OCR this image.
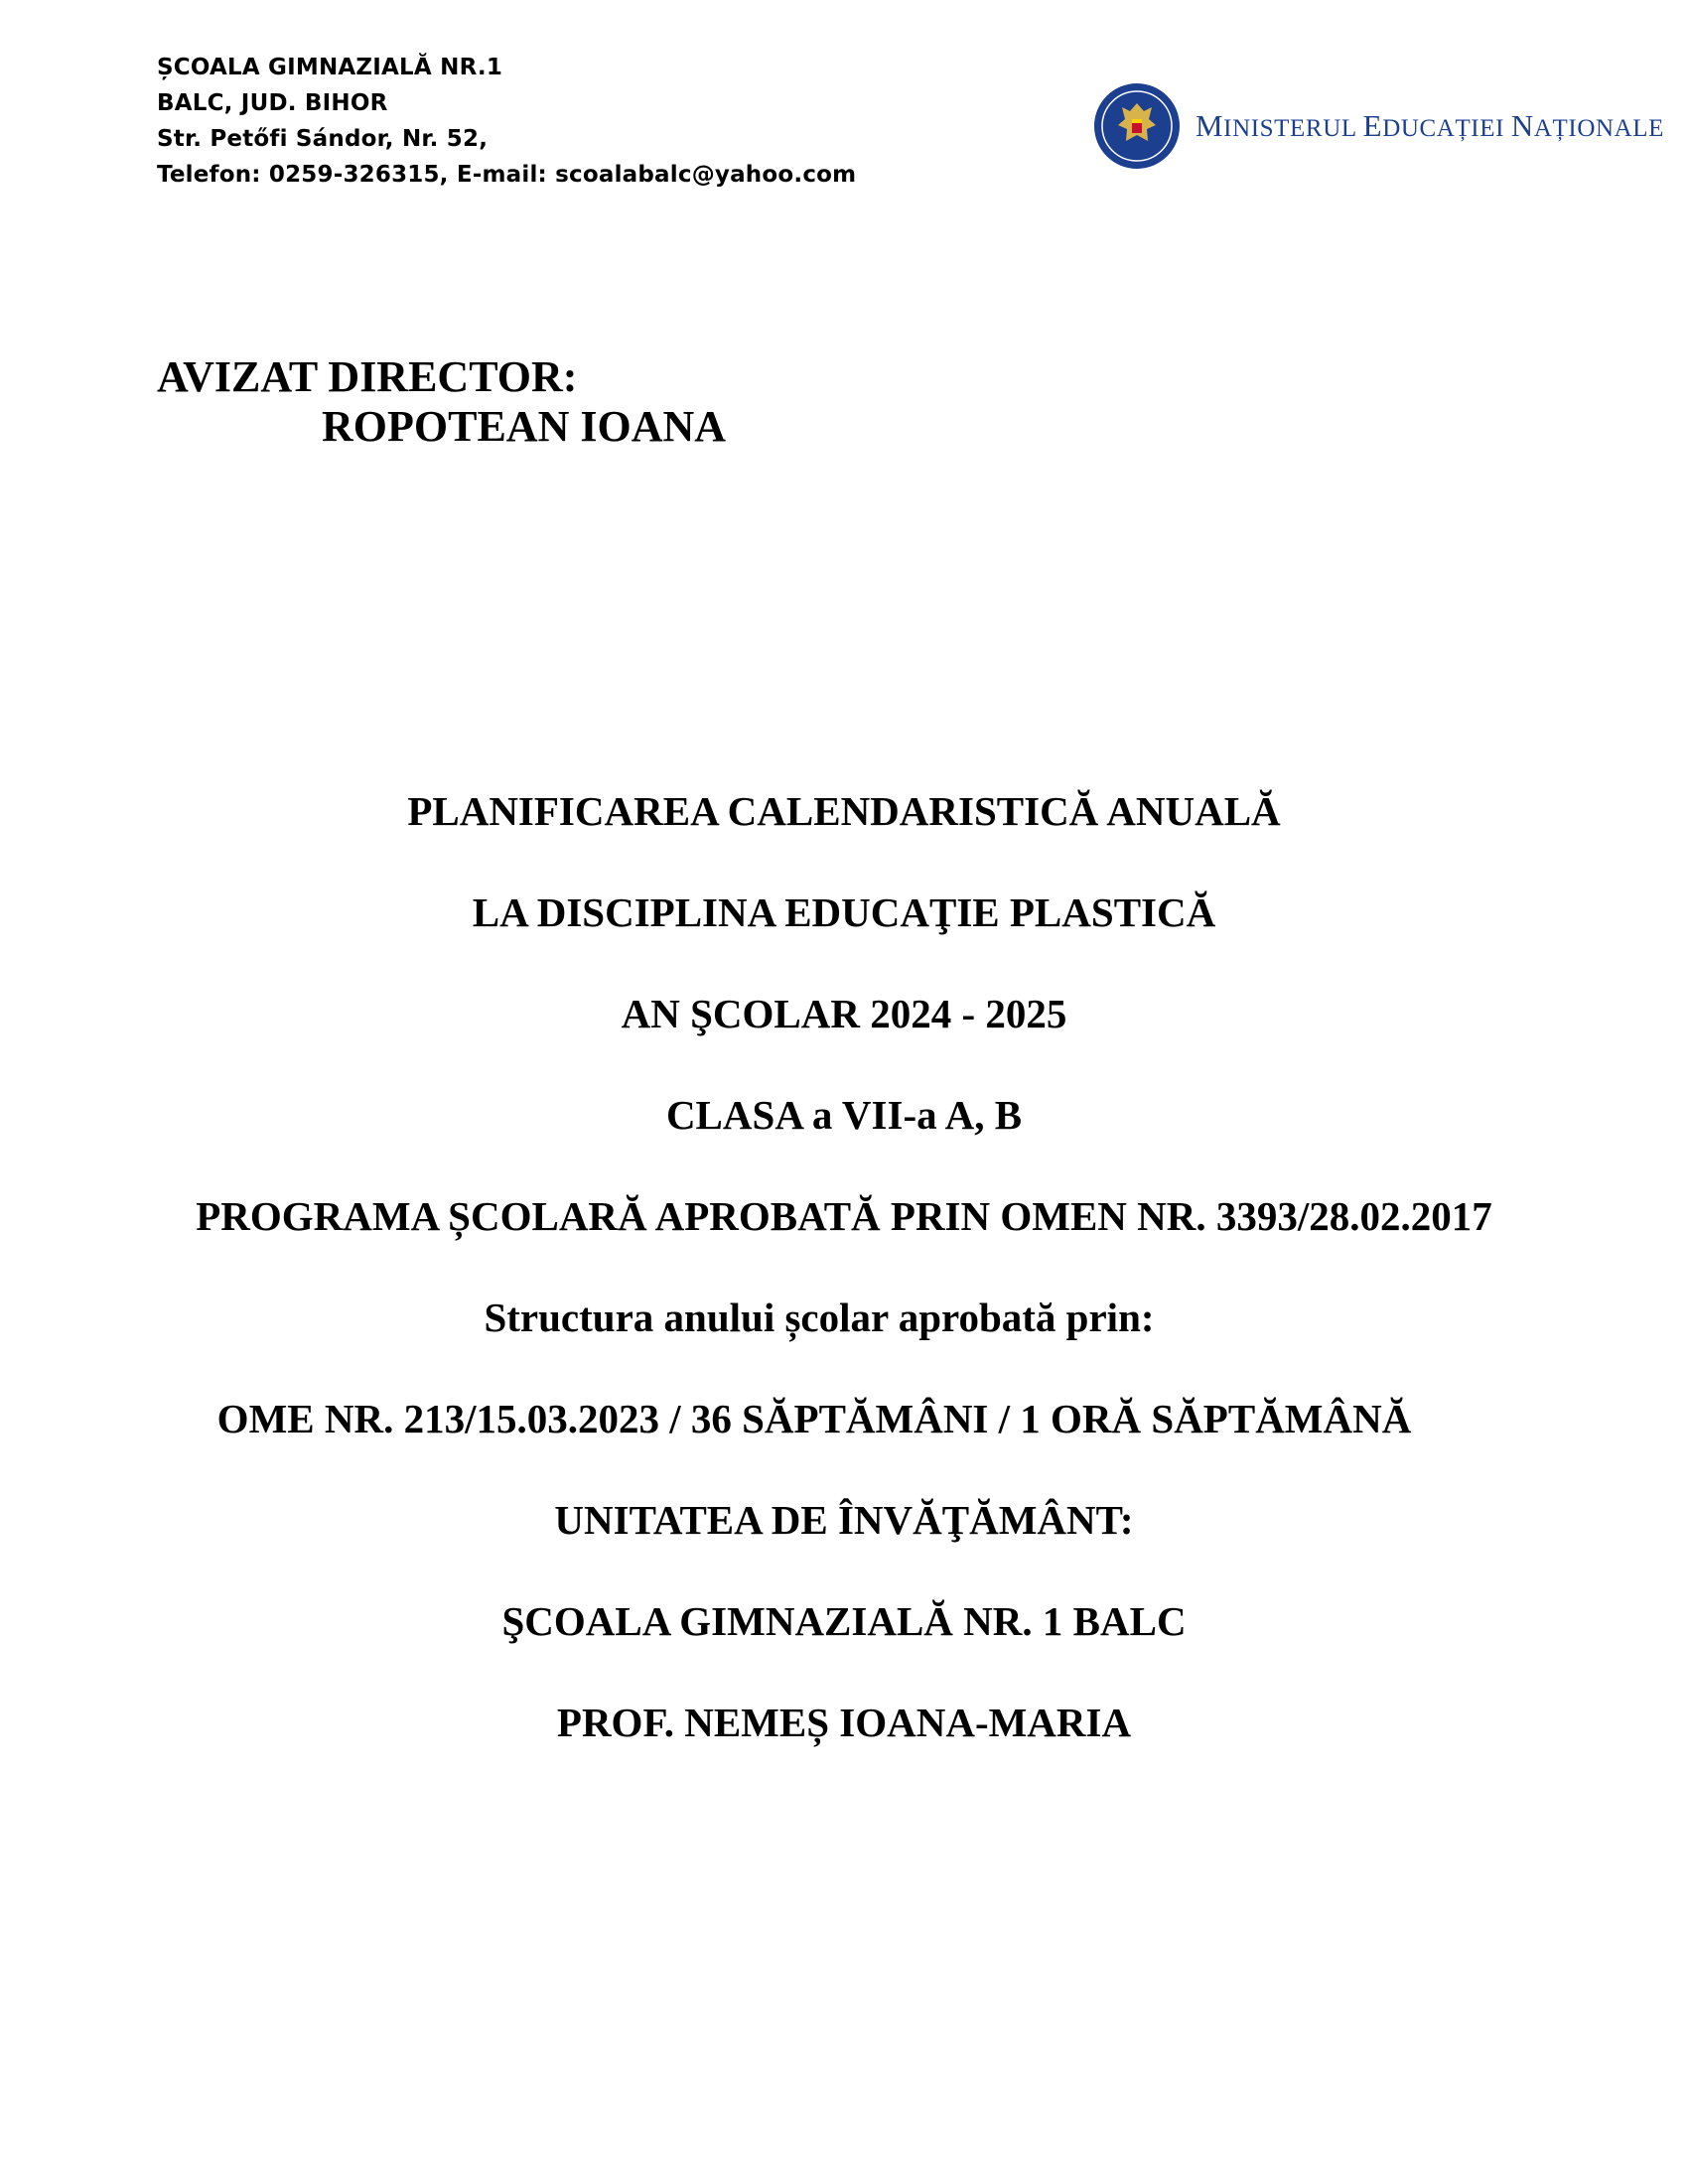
ȘCOALA GIMNAZIALĂ NR.1
BALC, JUD. BIHOR
Str. Petőfi Sándor, Nr. 52,
Telefon: 0259-326315, E-mail: scoalabalc@yahoo.com
MINISTERUL EDUCAȚIEI NAȚIONALE
AVIZAT DIRECTOR:
ROPOTEAN IOANA
PLANIFICAREA CALENDARISTICĂ ANUALĂ
LA DISCIPLINA EDUCAŢIE PLASTICĂ
AN ŞCOLAR 2024 - 2025
CLASA a VII-a A, B
PROGRAMA ȘCOLARĂ APROBATĂ PRIN OMEN NR. 3393/28.02.2017
Structura anului școlar aprobată prin:
OME NR. 213/15.03.2023 / 36 SĂPTĂMÂNI / 1 ORĂ SĂPTĂMÂNĂ
UNITATEA DE ÎNVĂŢĂMÂNT:
ŞCOALA GIMNAZIALĂ NR. 1 BALC
PROF. NEMEȘ IOANA-MARIA
